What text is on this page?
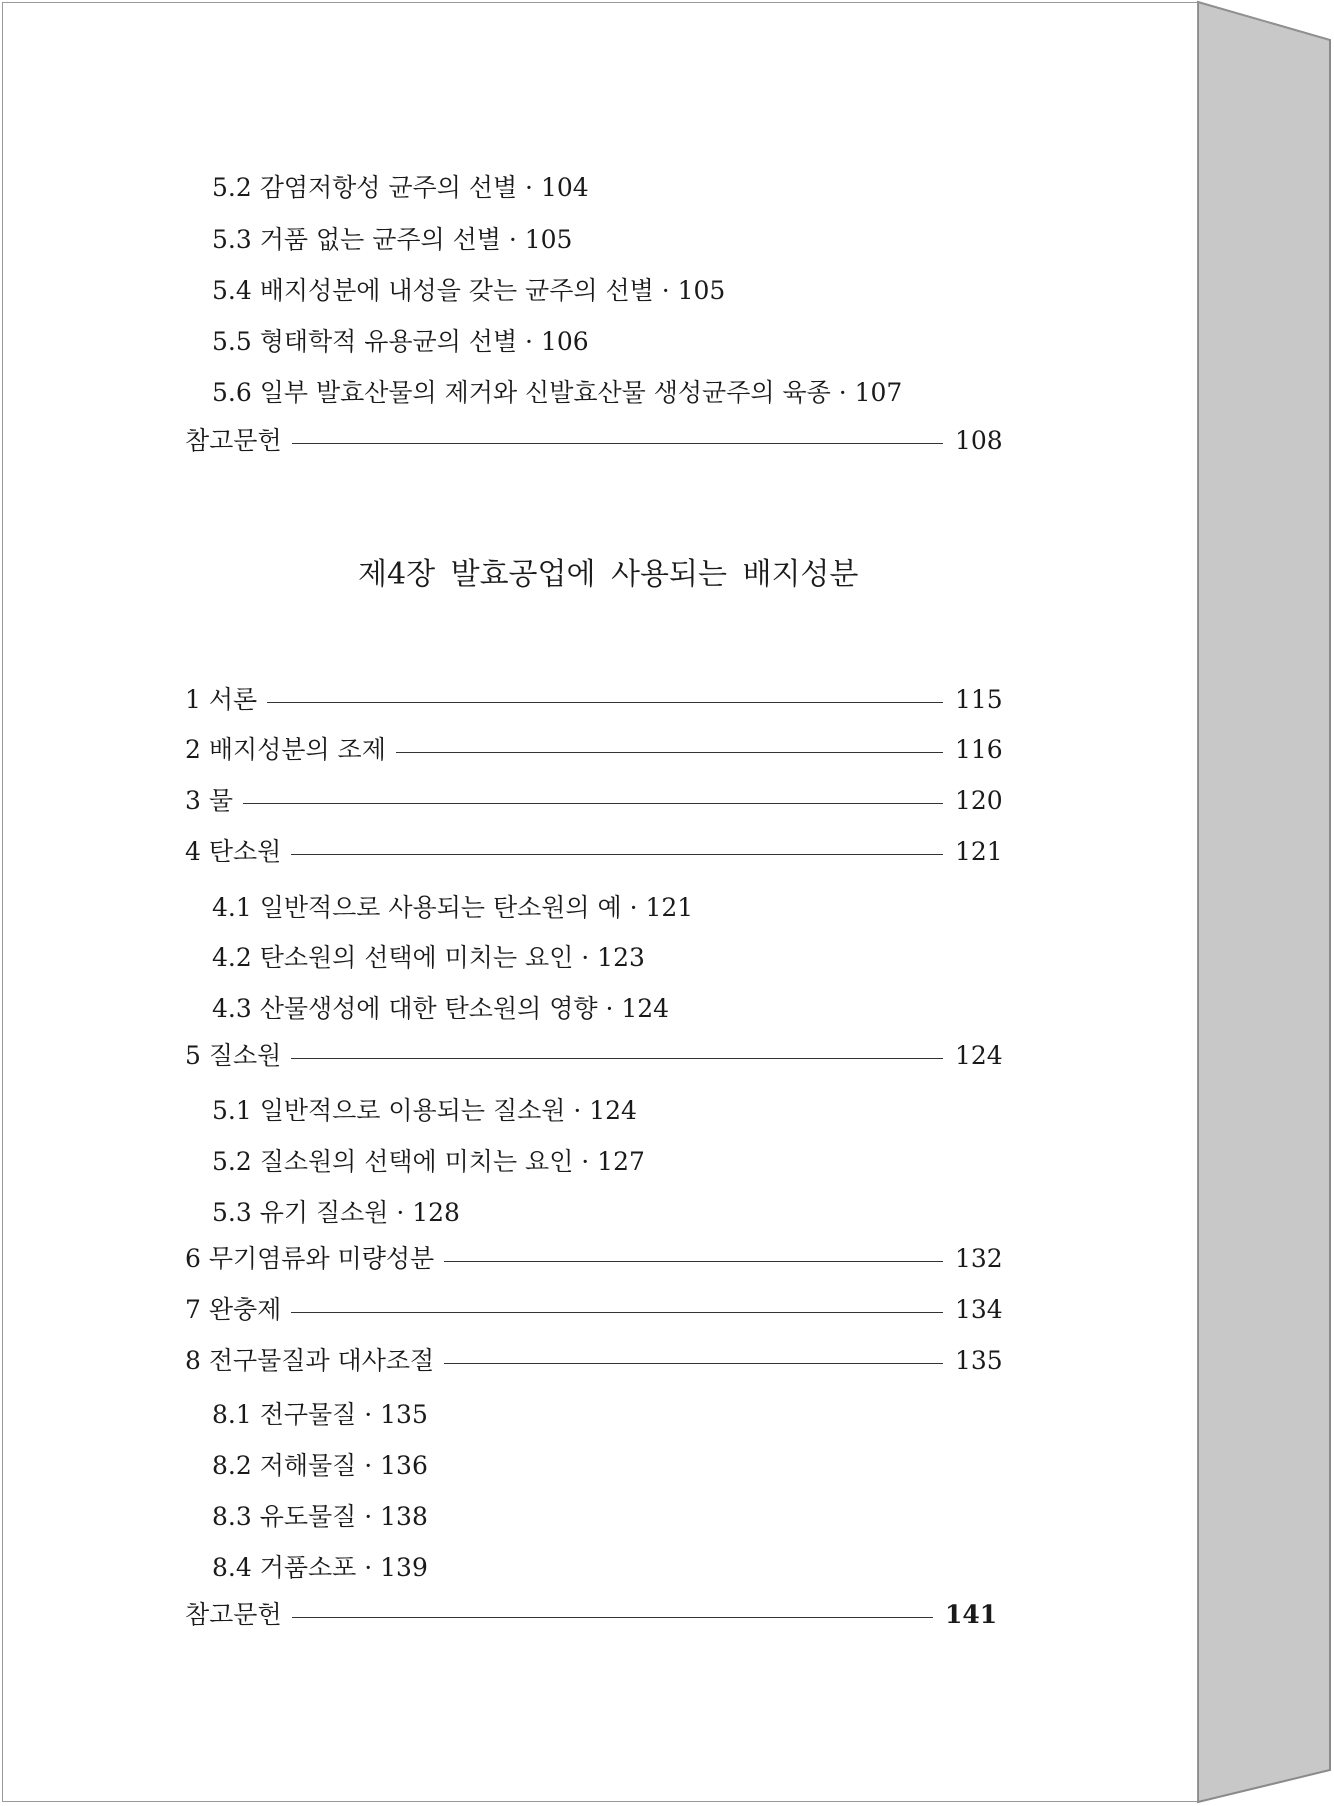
5.2 감염저항성 균주의 선별 · 104
5.3 거품 없는 균주의 선별 · 105
5.4 배지성분에 내성을 갖는 균주의 선별 · 105
5.5 형태학적 유용균의 선별 · 106
5.6 일부 발효산물의 제거와 신발효산물 생성균주의 육종 · 107
참고문헌	108
제4장 발효공업에 사용되는 배지성분
1 서론	115
2 배지성분의 조제	116
3 물	120
4 탄소원	121
4.1 일반적으로 사용되는 탄소원의 예 · 121
4.2 탄소원의 선택에 미치는 요인 · 123
4.3 산물생성에 대한 탄소원의 영향 · 124
5 질소원	124
5.1 일반적으로 이용되는 질소원 · 124
5.2 질소원의 선택에 미치는 요인 · 127
5.3 유기 질소원 · 128
6 무기염류와 미량성분	132
7 완충제	134
8 전구물질과 대사조절	135
8.1 전구물질 · 135
8.2 저해물질 · 136
8.3 유도물질 · 138
8.4 거품소포 · 139
참고문헌	141
